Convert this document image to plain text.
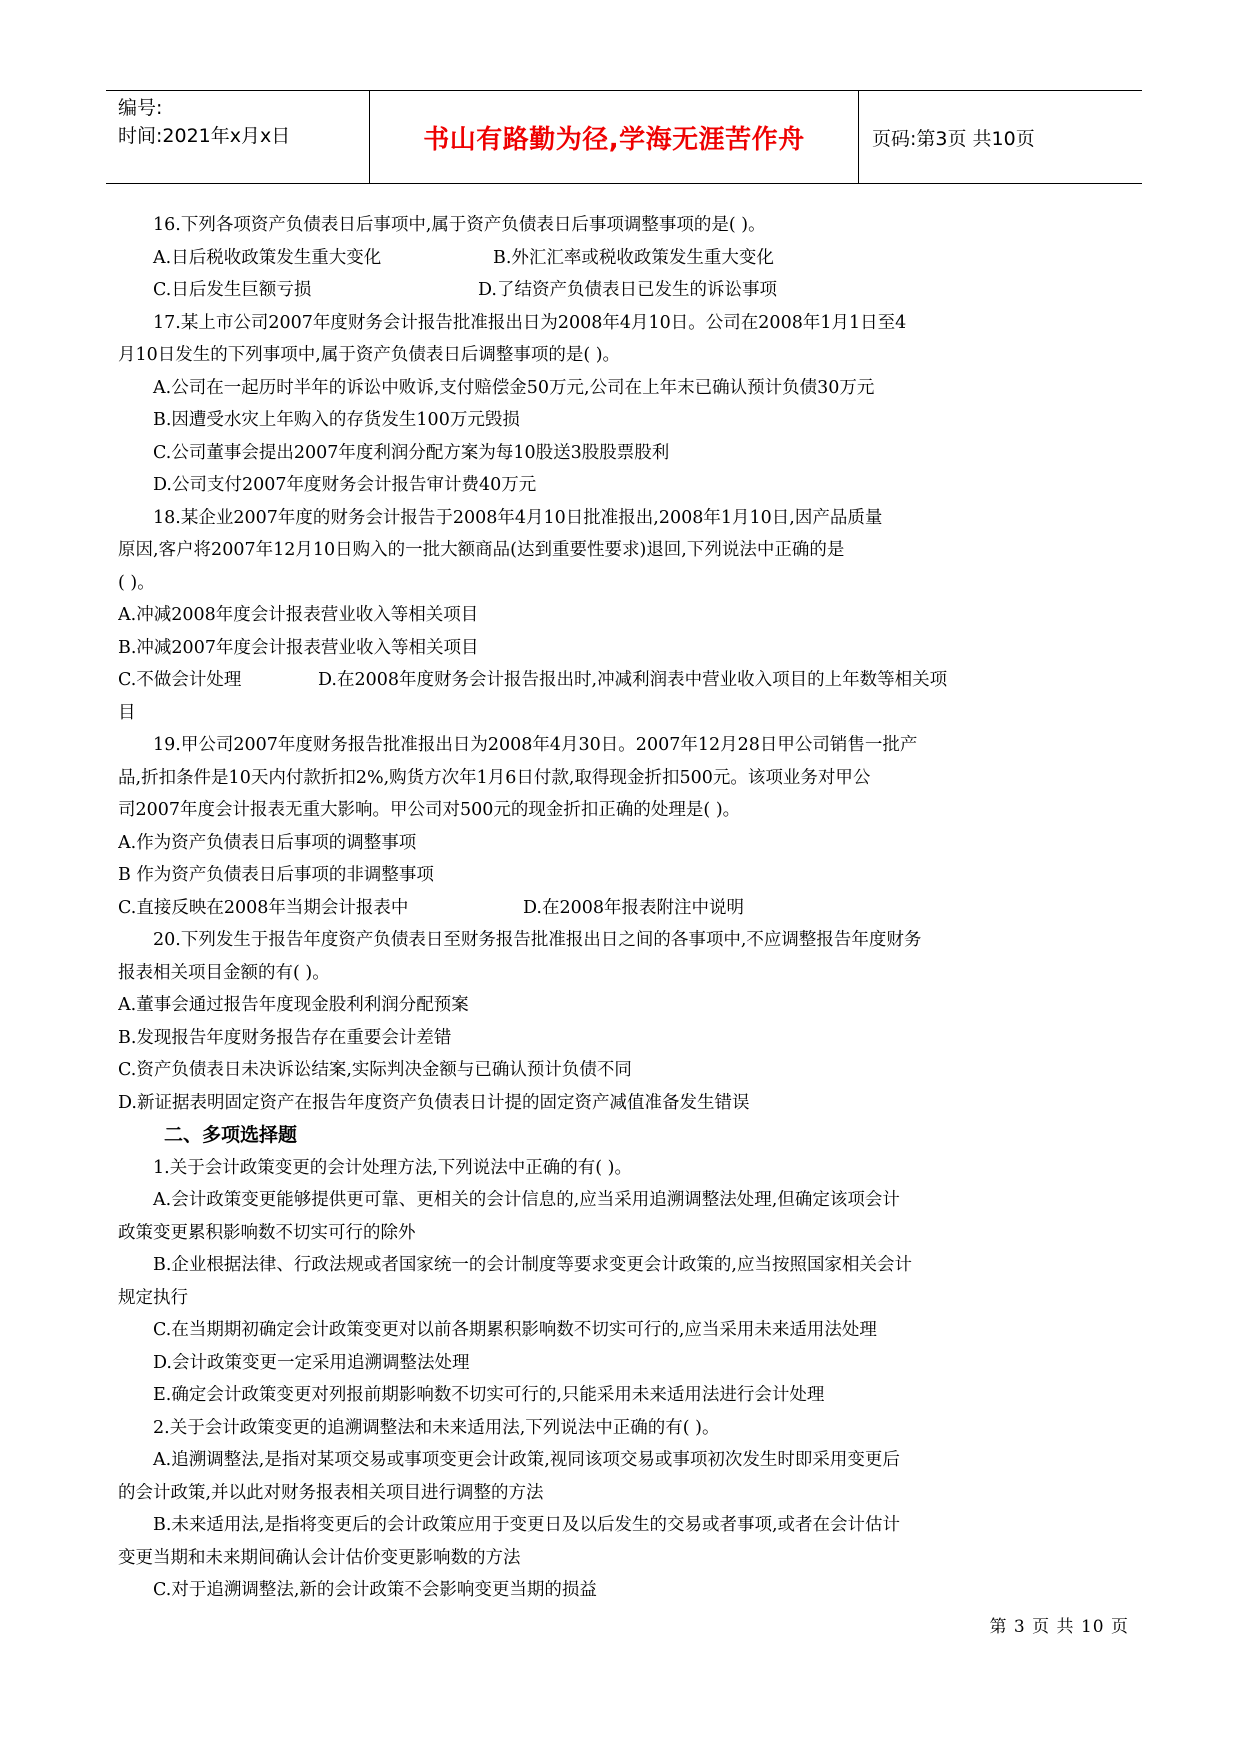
编号:
时间:2021年x月x日	书山有路勤为径,学海无涯苦作舟	页码:第3页 共10页
16.下列各项资产负债表日后事项中,属于资产负债表日后事项调整事项的是( )。
A.日后税收政策发生重大变化	B.外汇汇率或税收政策发生重大变化
C.日后发生巨额亏损	D.了结资产负债表日已发生的诉讼事项
17.某上市公司2007年度财务会计报告批准报出日为2008年4月10日。公司在2008年1月1日至4
月10日发生的下列事项中,属于资产负债表日后调整事项的是( )。
A.公司在一起历时半年的诉讼中败诉,支付赔偿金50万元,公司在上年末已确认预计负债30万元
B.因遭受水灾上年购入的存货发生100万元毁损
C.公司董事会提出2007年度利润分配方案为每10股送3股股票股利
D.公司支付2007年度财务会计报告审计费40万元
18.某企业2007年度的财务会计报告于2008年4月10日批准报出,2008年1月10日,因产品质量
原因,客户将2007年12月10日购入的一批大额商品(达到重要性要求)退回,下列说法中正确的是
( )。
A.冲减2008年度会计报表营业收入等相关项目
B.冲减2007年度会计报表营业收入等相关项目
C.不做会计处理	D.在2008年度财务会计报告报出时,冲减利润表中营业收入项目的上年数等相关项
目
19.甲公司2007年度财务报告批准报出日为2008年4月30日。2007年12月28日甲公司销售一批产
品,折扣条件是10天内付款折扣2%,购货方次年1月6日付款,取得现金折扣500元。该项业务对甲公
司2007年度会计报表无重大影响。甲公司对500元的现金折扣正确的处理是( )。
A.作为资产负债表日后事项的调整事项
B 作为资产负债表日后事项的非调整事项
C.直接反映在2008年当期会计报表中	D.在2008年报表附注中说明
20.下列发生于报告年度资产负债表日至财务报告批准报出日之间的各事项中,不应调整报告年度财务
报表相关项目金额的有( )。
A.董事会通过报告年度现金股利利润分配预案
B.发现报告年度财务报告存在重要会计差错
C.资产负债表日未决诉讼结案,实际判决金额与已确认预计负债不同
D.新证据表明固定资产在报告年度资产负债表日计提的固定资产减值准备发生错误
二、多项选择题
1.关于会计政策变更的会计处理方法,下列说法中正确的有( )。
A.会计政策变更能够提供更可靠、更相关的会计信息的,应当采用追溯调整法处理,但确定该项会计
政策变更累积影响数不切实可行的除外
B.企业根据法律、行政法规或者国家统一的会计制度等要求变更会计政策的,应当按照国家相关会计
规定执行
C.在当期期初确定会计政策变更对以前各期累积影响数不切实可行的,应当采用未来适用法处理
D.会计政策变更一定采用追溯调整法处理
E.确定会计政策变更对列报前期影响数不切实可行的,只能采用未来适用法进行会计处理
2.关于会计政策变更的追溯调整法和未来适用法,下列说法中正确的有( )。
A.追溯调整法,是指对某项交易或事项变更会计政策,视同该项交易或事项初次发生时即采用变更后
的会计政策,并以此对财务报表相关项目进行调整的方法
B.未来适用法,是指将变更后的会计政策应用于变更日及以后发生的交易或者事项,或者在会计估计
变更当期和未来期间确认会计估价变更影响数的方法
C.对于追溯调整法,新的会计政策不会影响变更当期的损益
第 3 页 共 10 页
